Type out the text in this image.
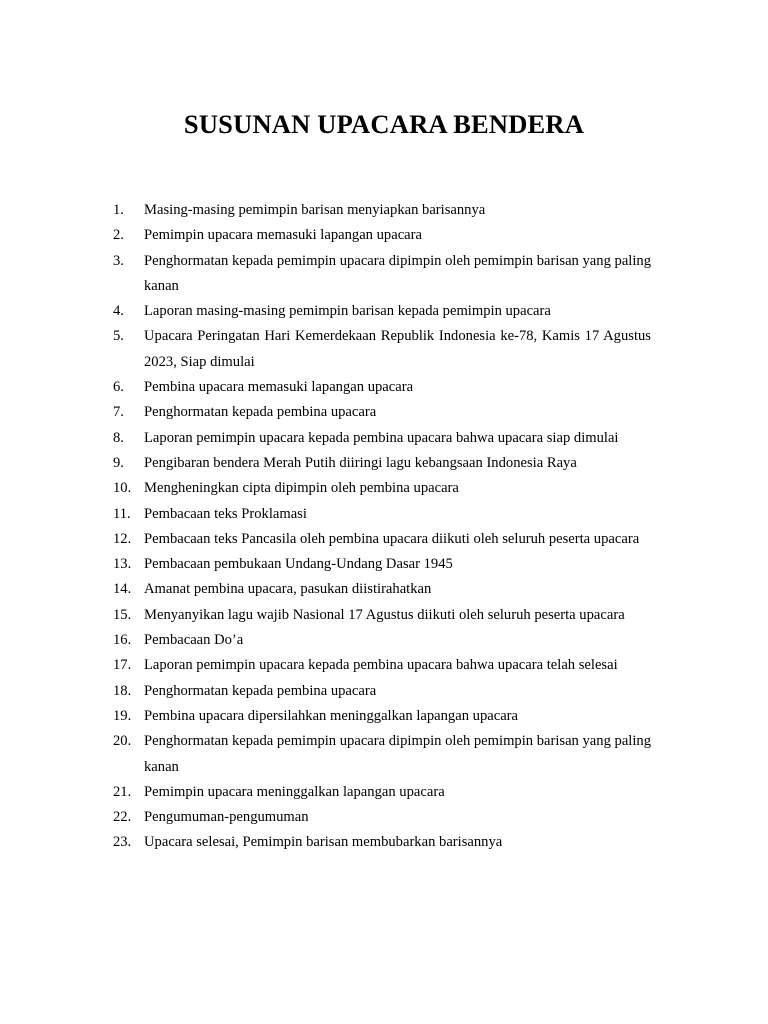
SUSUNAN UPACARA BENDERA
1.	Masing-masing pemimpin barisan menyiapkan barisannya
2.	Pemimpin upacara memasuki lapangan upacara
3.	Penghormatan kepada pemimpin upacara dipimpin oleh pemimpin barisan yang paling kanan
4.	Laporan masing-masing pemimpin barisan kepada pemimpin upacara
5.	Upacara Peringatan Hari Kemerdekaan Republik Indonesia ke-78, Kamis 17 Agustus 2023, Siap dimulai
6.	Pembina upacara memasuki lapangan upacara
7.	Penghormatan kepada pembina upacara
8.	Laporan pemimpin upacara kepada pembina upacara bahwa upacara siap dimulai
9.	Pengibaran bendera Merah Putih diiringi lagu kebangsaan Indonesia Raya
10. Mengheningkan cipta dipimpin oleh pembina upacara
11. Pembacaan teks Proklamasi
12. Pembacaan teks Pancasila oleh pembina upacara diikuti oleh seluruh peserta upacara
13. Pembacaan pembukaan Undang-Undang Dasar 1945
14. Amanat pembina upacara, pasukan diistirahatkan
15. Menyanyikan lagu wajib Nasional 17 Agustus diikuti oleh seluruh peserta upacara
16. Pembacaan Do’a
17. Laporan pemimpin upacara kepada pembina upacara bahwa upacara telah selesai
18. Penghormatan kepada pembina upacara
19. Pembina upacara dipersilahkan meninggalkan lapangan upacara
20. Penghormatan kepada pemimpin upacara dipimpin oleh pemimpin barisan yang paling kanan
21. Pemimpin upacara meninggalkan lapangan upacara
22. Pengumuman-pengumuman
23. Upacara selesai, Pemimpin barisan membubarkan barisannya
